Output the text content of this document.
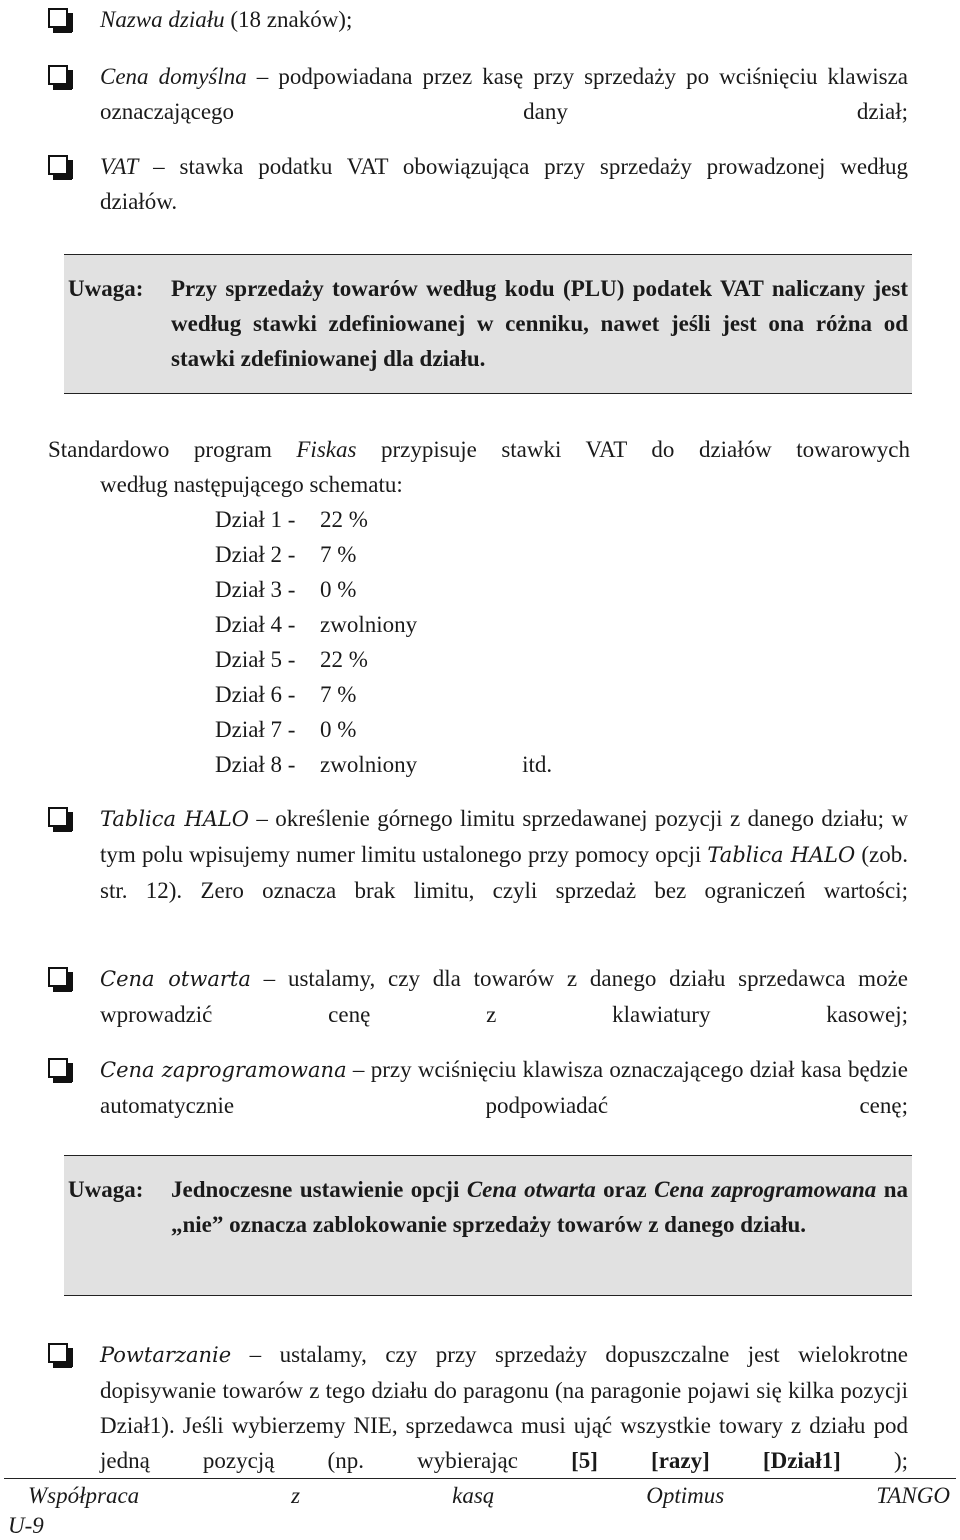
Nazwa działu (18 znaków);
Cena domyślna – podpowiadana przez kasę przy sprzedaży po wciśnięciu klawisza oznaczającego dany dział;
VAT – stawka podatku VAT obowiązująca przy sprzedaży prowadzonej według działów.
Uwaga: Przy sprzedaży towarów według kodu (PLU) podatek VAT naliczany jest według stawki zdefiniowanej w cenniku, nawet jeśli jest ona różna od stawki zdefiniowanej dla działu.
Standardowo program Fiskas przypisuje stawki VAT do działów towarowych
według następującego schematu:
Dział 1 - 22 %
Dział 2 - 7 %
Dział 3 - 0 %
Dział 4 - zwolniony
Dział 5 - 22 %
Dział 6 - 7 %
Dział 7 - 0 %
Dział 8 - zwolniony	itd.
Tablica HALO – określenie górnego limitu sprzedawanej pozycji z danego działu; w tym polu wpisujemy numer limitu ustalonego przy pomocy opcji Tablica HALO (zob. str. 12). Zero oznacza brak limitu, czyli sprzedaż bez ograniczeń wartości;
Cena otwarta – ustalamy, czy dla towarów z danego działu sprzedawca może wprowadzić cenę z klawiatury kasowej;
Cena zaprogramowana – przy wciśnięciu klawisza oznaczającego dział kasa będzie automatycznie podpowiadać cenę;
Uwaga: Jednoczesne ustawienie opcji Cena otwarta oraz Cena zaprogramowana na „nie” oznacza zablokowanie sprzedaży towarów z danego działu.
Powtarzanie – ustalamy, czy przy sprzedaży dopuszczalne jest wielokrotne dopisywanie towarów z tego działu do paragonu (na paragonie pojawi się kilka pozycji Dział1). Jeśli wybierzemy NIE, sprzedawca musi ująć wszystkie towary z działu pod jedną pozycją (np. wybierając [5] [razy] [Dział1] );
Współpraca	z	kasą	Optimus	TANGO
U-9
